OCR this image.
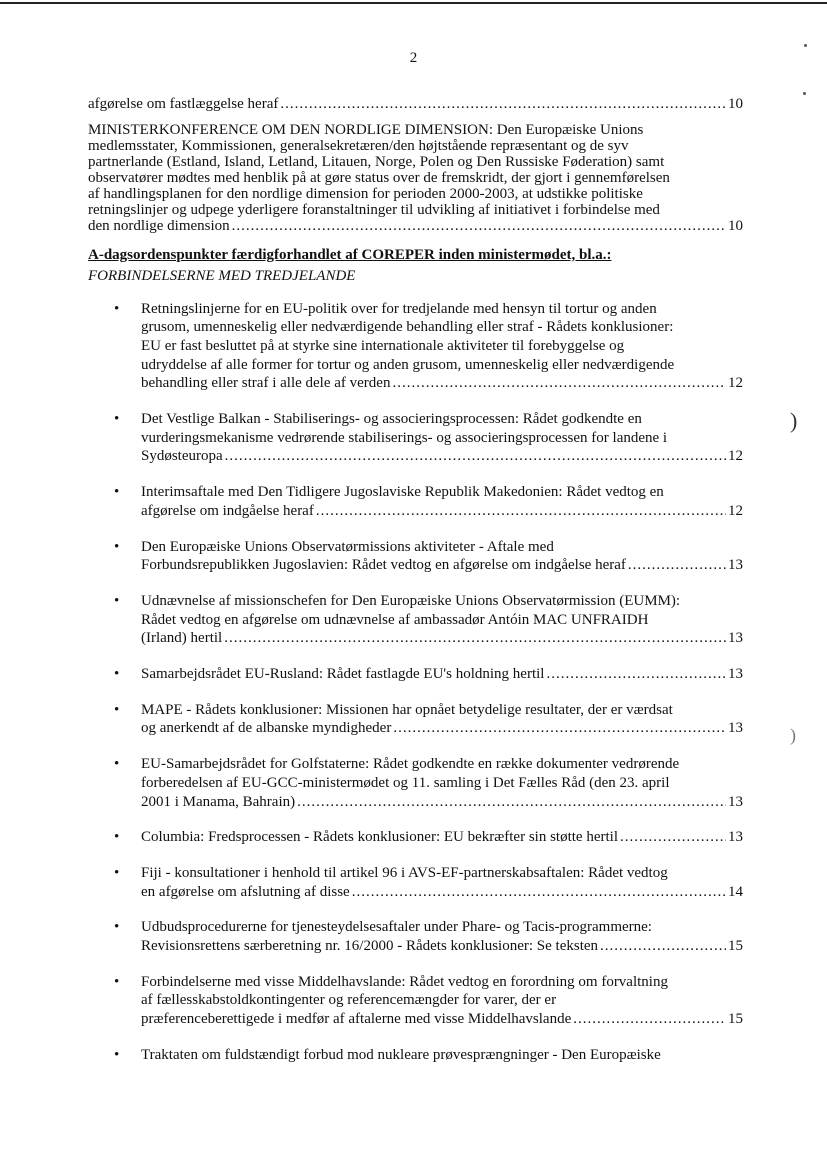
)
)
2
afgørelse om fastlæggelse heraf .....	10
MINISTERKONFERENCE OM DEN NORDLIGE DIMENSION: Den Europæiske Unions
medlemsstater, Kommissionen, generalsekretæren/den højtstående repræsentant og de syv
partnerlande (Estland, Island, Letland, Litauen, Norge, Polen og Den Russiske Føderation) samt
observatører mødtes med henblik på at gøre status over de fremskridt, der gjort i gennemførelsen
af handlingsplanen for den nordlige dimension for perioden 2000-2003, at udstikke politiske
retningslinjer og udpege yderligere foranstaltninger til udvikling af initiativet i forbindelse med
den nordlige dimension .....	10
A-dagsordenspunkter færdigforhandlet af COREPER inden ministermødet, bl.a.:
FORBINDELSERNE MED TREDJELANDE
• Retningslinjerne for en EU-politik over for tredjelande med hensyn til tortur og anden
grusom, umenneskelig eller nedværdigende behandling eller straf - Rådets konklusioner:
EU er fast besluttet på at styrke sine internationale aktiviteter til forebyggelse og
udryddelse af alle former for tortur og anden grusom, umenneskelig eller nedværdigende
behandling eller straf i alle dele af verden .....	12
• Det Vestlige Balkan - Stabiliserings- og associeringsprocessen: Rådet godkendte en
vurderingsmekanisme vedrørende stabiliserings- og associeringsprocessen for landene i
Sydøsteuropa .....	12
• Interimsaftale med Den Tidligere Jugoslaviske Republik Makedonien: Rådet vedtog en
afgørelse om indgåelse heraf .....	12
• Den Europæiske Unions Observatørmissions aktiviteter - Aftale med
Forbundsrepublikken Jugoslavien: Rådet vedtog en afgørelse om indgåelse heraf .....	13
• Udnævnelse af missionschefen for Den Europæiske Unions Observatørmission (EUMM):
Rådet vedtog en afgørelse om udnævnelse af ambassadør Antóin MAC UNFRAIDH
(Irland) hertil .....	13
• Samarbejdsrådet EU-Rusland: Rådet fastlagde EU's holdning hertil .....	13
• MAPE - Rådets konklusioner: Missionen har opnået betydelige resultater, der er værdsat
og anerkendt af de albanske myndigheder .....	13
• EU-Samarbejdsrådet for Golfstaterne: Rådet godkendte en række dokumenter vedrørende
forberedelsen af EU-GCC-ministermødet og 11. samling i Det Fælles Råd (den 23. april
2001 i Manama, Bahrain) .....	13
• Columbia: Fredsprocessen - Rådets konklusioner: EU bekræfter sin støtte hertil .....	13
• Fiji - konsultationer i henhold til artikel 96 i AVS-EF-partnerskabsaftalen: Rådet vedtog
en afgørelse om afslutning af disse .....	14
• Udbudsprocedurerne for tjenesteydelsesaftaler under Phare- og Tacis-programmerne:
Revisionsrettens særberetning nr. 16/2000 - Rådets konklusioner: Se teksten .....	15
• Forbindelserne med visse Middelhavslande: Rådet vedtog en forordning om forvaltning
af fællesskabstoldkontingenter og referencemængder for varer, der er
præferenceberettigede i medfør af aftalerne med visse Middelhavslande .....	15
• Traktaten om fuldstændigt forbud mod nukleare prøvesprængninger - Den Europæiske
